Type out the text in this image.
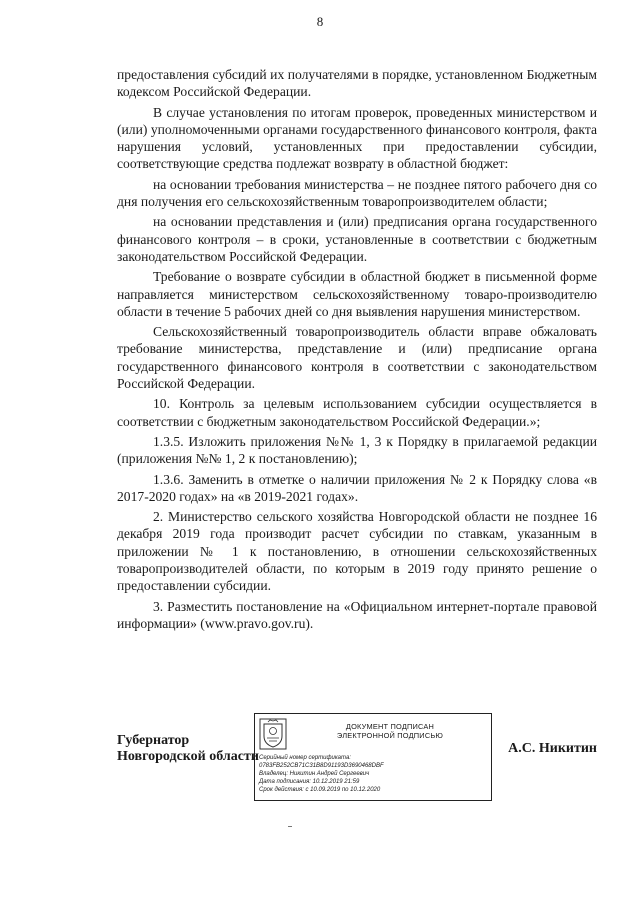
8

предоставления субсидий их получателями в порядке, установленном Бюджетным кодексом Российской Федерации.

В случае установления по итогам проверок, проведенных министерством и (или) уполномоченными органами государственного финансового контроля, факта нарушения условий, установленных при предоставлении субсидии, соответствующие средства подлежат возврату в областной бюджет:

на основании требования министерства – не позднее пятого рабочего дня со дня получения его сельскохозяйственным товаропроизводителем области;

на основании представления и (или) предписания органа государственного финансового контроля – в сроки, установленные в соответствии с бюджетным законодательством Российской Федерации.

Требование о возврате субсидии в областной бюджет в письменной форме направляется министерством сельскохозяйственному товаро-производителю области в течение 5 рабочих дней со дня выявления нарушения министерством.

Сельскохозяйственный товаропроизводитель области вправе обжаловать требование министерства, представление и (или) предписание органа государственного финансового контроля в соответствии с законодательством Российской Федерации.

10. Контроль за целевым использованием субсидии осуществляется в соответствии с бюджетным законодательством Российской Федерации.»;

1.3.5. Изложить приложения №№ 1, 3 к Порядку в прилагаемой редакции (приложения №№ 1, 2 к постановлению);

1.3.6. Заменить в отметке о наличии приложения № 2 к Порядку слова «в 2017-2020 годах» на «в 2019-2021 годах».

2. Министерство сельского хозяйства Новгородской области не позднее 16 декабря 2019 года производит расчет субсидии по ставкам, указанным в приложении № 1 к постановлению, в отношении сельскохозяйственных товаропроизводителей области, по которым в 2019 году принято решение о предоставлении субсидии.

3. Разместить постановление на «Официальном интернет-портале правовой информации» (www.pravo.gov.ru).

Губернатор
Новгородской области
ДОКУМЕНТ ПОДПИСАН
ЭЛЕКТРОННОЙ ПОДПИСЬЮ
Серийный номер сертификата:
0783FB252CB71C31B8D91193D3690468DBF
Владелец: Никитин Андрей Сергеевич
Дата подписания: 10.12.2019 21:59
Срок действия: с 10.09.2019 по 10.12.2020
А.С. Никитин
